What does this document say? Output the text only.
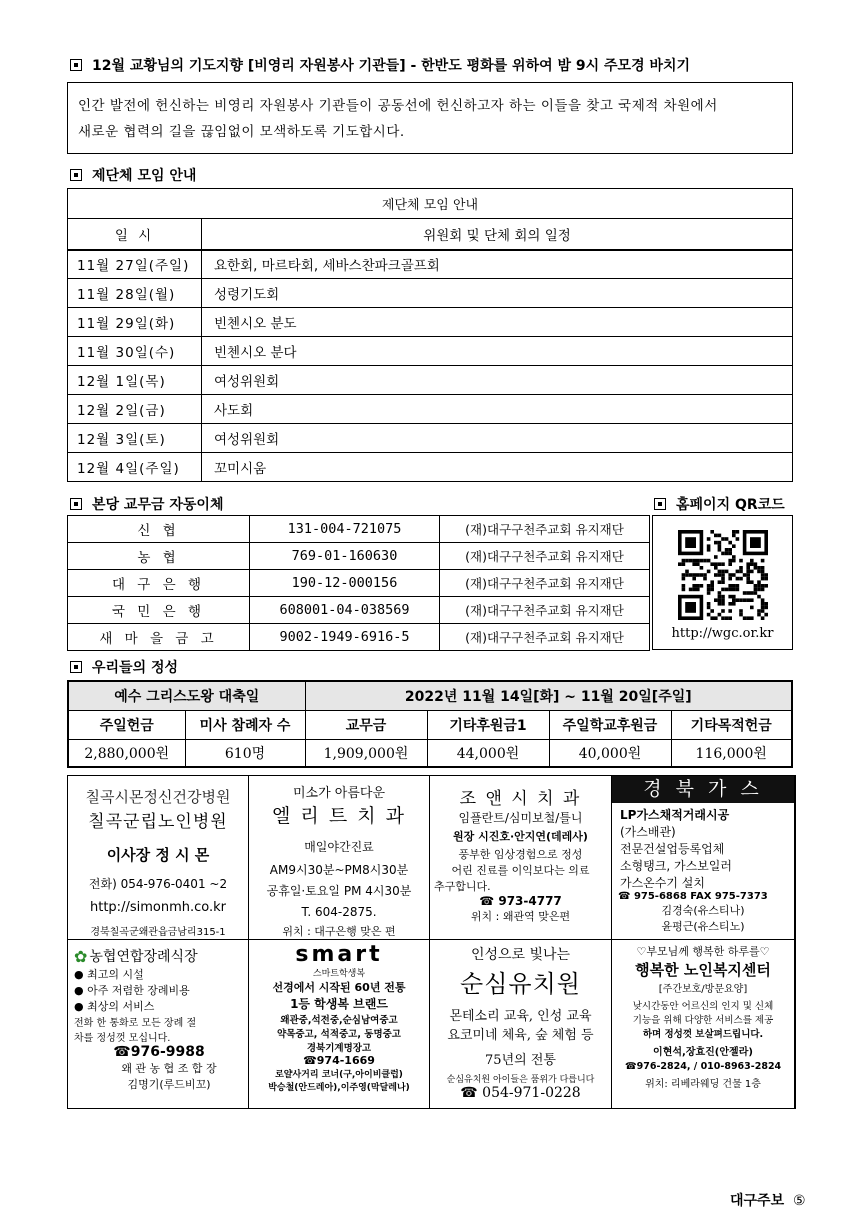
12월 교황님의 기도지향 [비영리 자원봉사 기관들] - 한반도 평화를 위하여 밤 9시 주모경 바치기
인간 발전에 헌신하는 비영리 자원봉사 기관들이 공동선에 헌신하고자 하는 이들을 찾고 국제적 차원에서
새로운 협력의 길을 끊임없이 모색하도록 기도합시다.
제단체 모임 안내
제단체 모임 안내	
일 시	위원회 및 단체 회의 일정
11월 27일(주일)	요한회, 마르타회, 세바스찬파크골프회
11월 28일(월)	성령기도회
11월 29일(화)	빈첸시오 분도
11월 30일(수)	빈첸시오 분다
12월 1일(목)	여성위원회
12월 2일(금)	사도회
12월 3일(토)	여성위원회
12월 4일(주일)	꼬미시움
본당 교무금 자동이체	홈페이지 QR코드
신 협	131-004-721075	(재)대구구천주교회 유지재단
농 협	769-01-160630	(재)대구구천주교회 유지재단
대 구 은 행	190-12-000156	(재)대구구천주교회 유지재단
국 민 은 행	608001-04-038569	(재)대구구천주교회 유지재단
새 마 을 금 고	9002-1949-6916-5	(재)대구구천주교회 유지재단	http://wgc.or.kr
우리들의 정성
예수 그리스도왕 대축일		2022년 11월 14일[화] ~ 11월 20일[주일]			
주일헌금	미사 참례자 수	교무금	기타후원금1	주일학교후원금	기타목적헌금
2,880,000원	610명	1,909,000원	44,000원	40,000원	116,000원
칠곡시몬정신건강병원
칠곡군립노인병원
이사장 정 시 몬
전화) 054-976-0401 ~2
http://simonmh.co.kr
경북칠곡군왜관읍금남리315-1
미소가 아름다운
엘 리 트 치 과
매일야간진료
AM9시30분~PM8시30분
공휴일·토요일 PM 4시30분
T. 604-2875.
위치 : 대구은행 맞은 편
조 앤 시 치 과
임플란트/심미보철/틀니
원장 시진호·안지연(데레사)
풍부한 임상경험으로 정성
어린 진료를 이익보다는 의료
추구합니다.
☎ 973-4777
위치 : 왜관역 맞은편
경 북 가 스
LP가스채적거래시공
(가스배관)
전문건설업등록업체
소형탱크, 가스보일러
가스온수기 설치
☎ 975-6868 FAX 975-7373
김경숙(유스티나)
윤평근(유스티노)
✿ 농협연합장례식장
● 최고의 시설
● 아주 저렴한 장례비용
● 최상의 서비스
전화 한 통화로 모든 장례 절
차를 정성껏 모십니다.
☎976-9988
왜 관 농 협 조 합 장
김명기(루드비꼬)
smart
스마트학생복
선경에서 시작된 60년 전통
1등 학생복 브랜드
왜관중,석전중,순심남여중고
약목중고, 석적중고, 동명중고
경북기계명장고
☎974-1669
로얄사거리 코너(구,아이비클럽)
박승철(안드레아),이주영(막달레나)
인성으로 빛나는
순심유치원
몬테소리 교육, 인성 교육
요코미네 체육, 숲 체험 등
75년의 전통
순심유치원 아이들은 품위가 다릅니다
☎ 054-971-0228
♡부모님께 행복한 하루를♡
행복한 노인복지센터
[주간보호/방문요양]
낮시간동안 어르신의 인지 및 신체
기능을 위해 다양한 서비스를 제공
하며 정성껏 보살펴드립니다.
이현석,장효진(안젤라)
☎976-2824, / 010-8963-2824
위치: 리베라웨딩 건물 1층
대구주보 ⑤
